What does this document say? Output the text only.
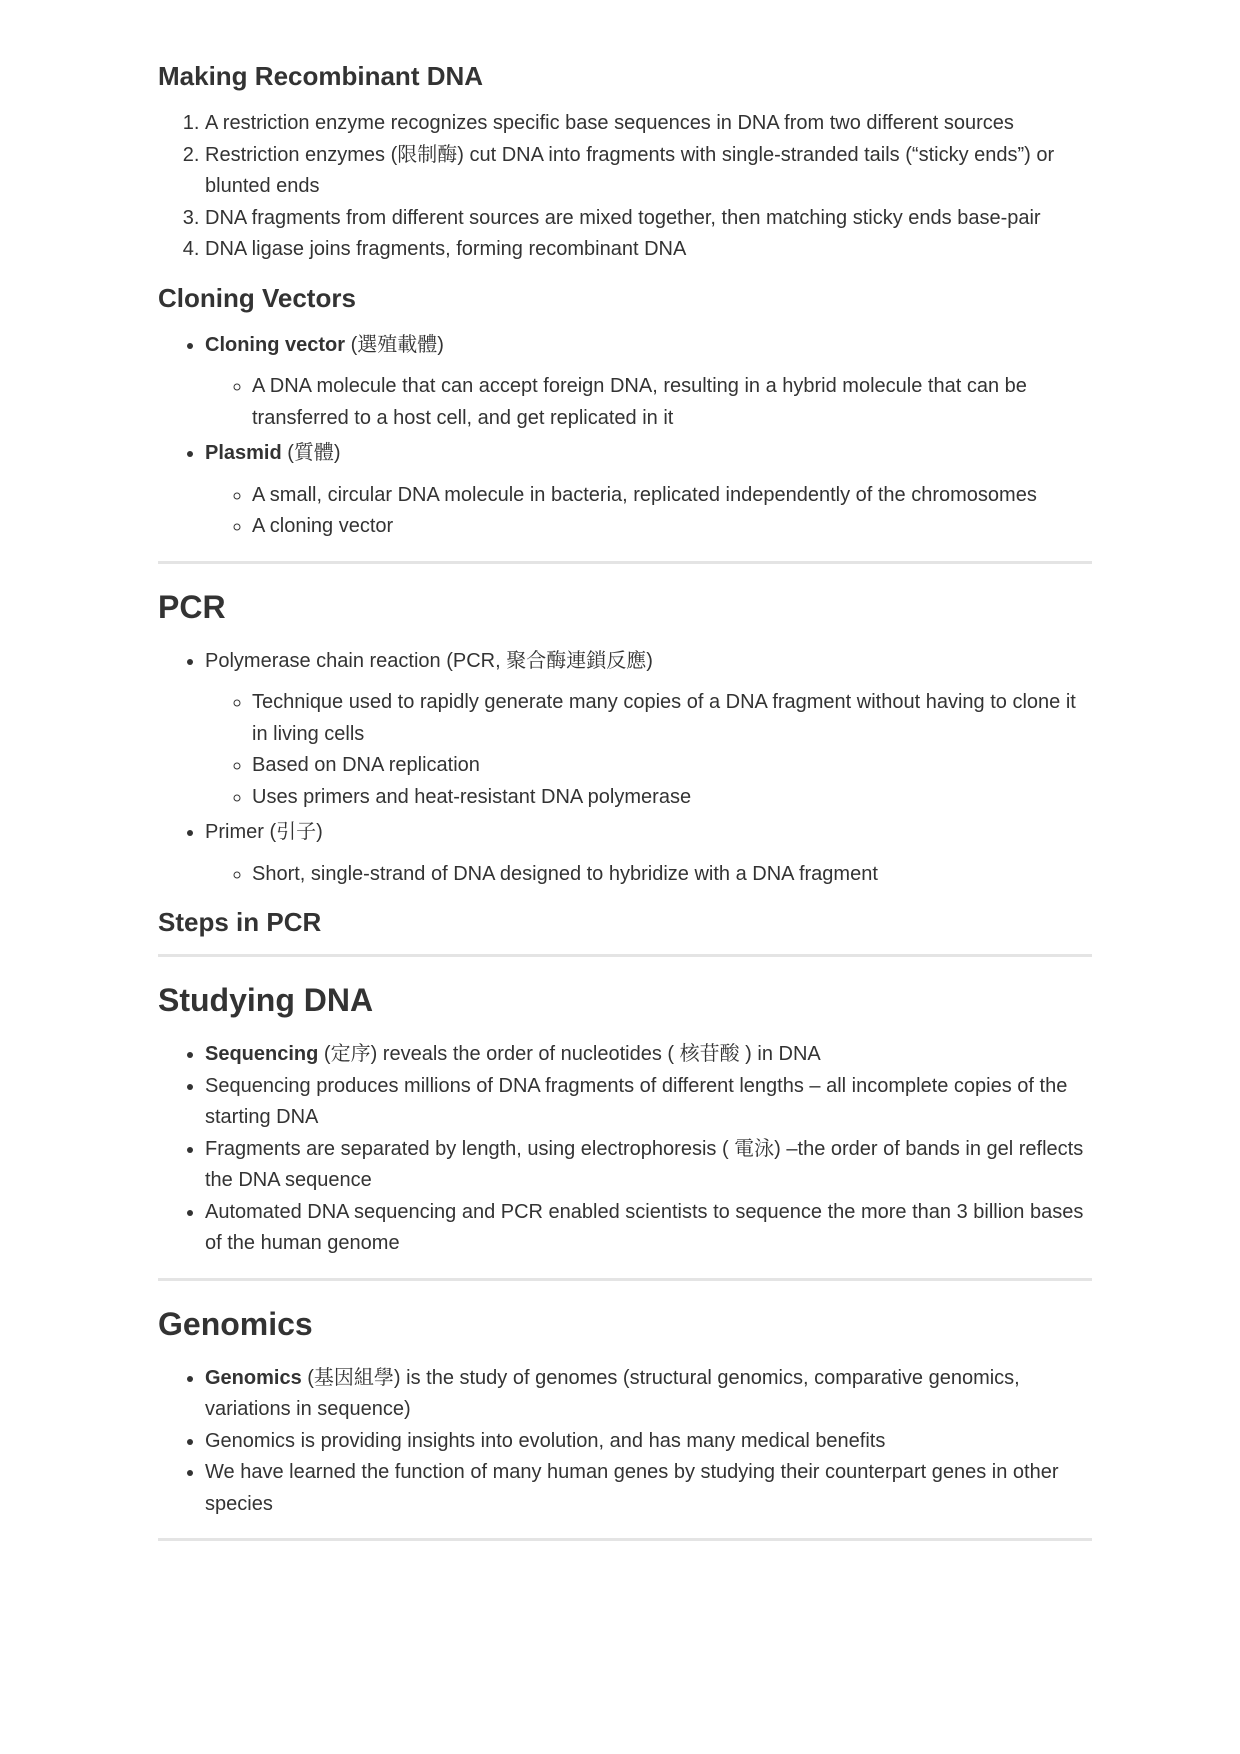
Making Recombinant DNA
1. A restriction enzyme recognizes specific base sequences in DNA from two different sources
2. Restriction enzymes (限制酶) cut DNA into fragments with single-stranded tails (“sticky ends”) or blunted ends
3. DNA fragments from different sources are mixed together, then matching sticky ends base-pair
4. DNA ligase joins fragments, forming recombinant DNA
Cloning Vectors
• Cloning vector (選殖載體)
◦ A DNA molecule that can accept foreign DNA, resulting in a hybrid molecule that can be transferred to a host cell, and get replicated in it
• Plasmid (質體)
◦ A small, circular DNA molecule in bacteria, replicated independently of the chromosomes
◦ A cloning vector
PCR
• Polymerase chain reaction (PCR, 聚合酶連鎖反應)
◦ Technique used to rapidly generate many copies of a DNA fragment without having to clone it in living cells
◦ Based on DNA replication
◦ Uses primers and heat-resistant DNA polymerase
• Primer (引子)
◦ Short, single-strand of DNA designed to hybridize with a DNA fragment
Steps in PCR
Studying DNA
• Sequencing (定序) reveals the order of nucleotides ( 核苷酸 ) in DNA
• Sequencing produces millions of DNA fragments of different lengths – all incomplete copies of the starting DNA
• Fragments are separated by length, using electrophoresis ( 電泳) –the order of bands in gel reflects the DNA sequence
• Automated DNA sequencing and PCR enabled scientists to sequence the more than 3 billion bases of the human genome
Genomics
• Genomics (基因組學) is the study of genomes (structural genomics, comparative genomics, variations in sequence)
• Genomics is providing insights into evolution, and has many medical benefits
• We have learned the function of many human genes by studying their counterpart genes in other species
